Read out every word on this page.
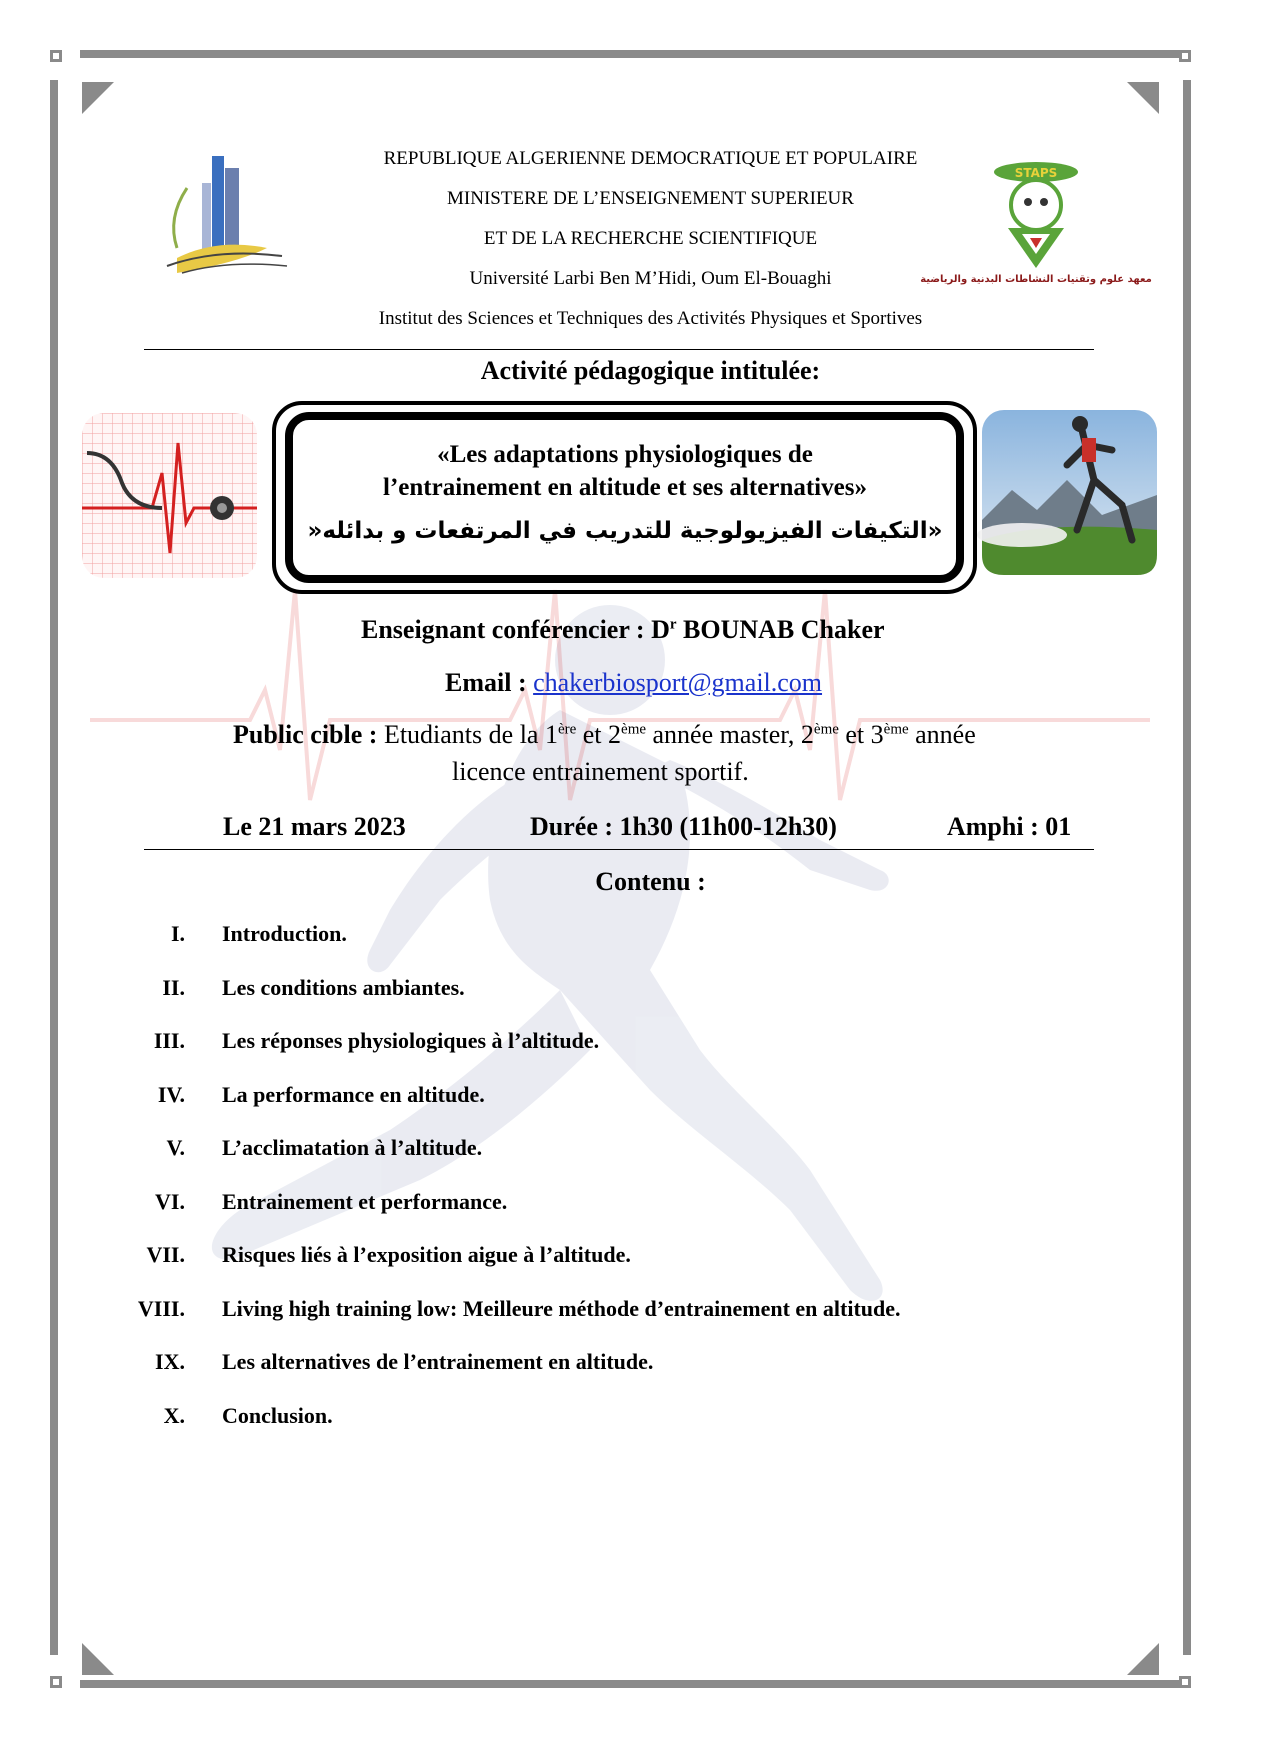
STAPS
معهد علوم وتقنيات النشاطات البدنية والرياضية
REPUBLIQUE ALGERIENNE DEMOCRATIQUE ET POPULAIRE
MINISTERE DE L’ENSEIGNEMENT SUPERIEUR
ET DE LA RECHERCHE SCIENTIFIQUE
Université Larbi Ben M’Hidi, Oum El-Bouaghi
Institut des Sciences et Techniques des Activités Physiques et Sportives
Activité pédagogique intitulée:
«Les adaptations physiologiques de
l’entrainement en altitude et ses alternatives»
«التكيفات الفيزيولوجية للتدريب في المرتفعات و بدائله«
Enseignant conférencier : $D^r$ BOUNAB Chaker
Email : chakerbiosport@gmail.com
Public cible : Etudiants de la 1ère et 2ème année master, 2ème et 3ème année
licence entrainement sportif.
Le 21 mars 2023	Durée : 1h30 (11h00-12h30)	Amphi : 01
Contenu :
I. Introduction.
II. Les conditions ambiantes.
III. Les réponses physiologiques à l’altitude.
IV. La performance en altitude.
V. L’acclimatation à l’altitude.
VI. Entrainement et performance.
VII. Risques liés à l’exposition aigue à l’altitude.
VIII. Living high training low: Meilleure méthode d’entrainement en altitude.
IX. Les alternatives de l’entrainement en altitude.
X. Conclusion.
